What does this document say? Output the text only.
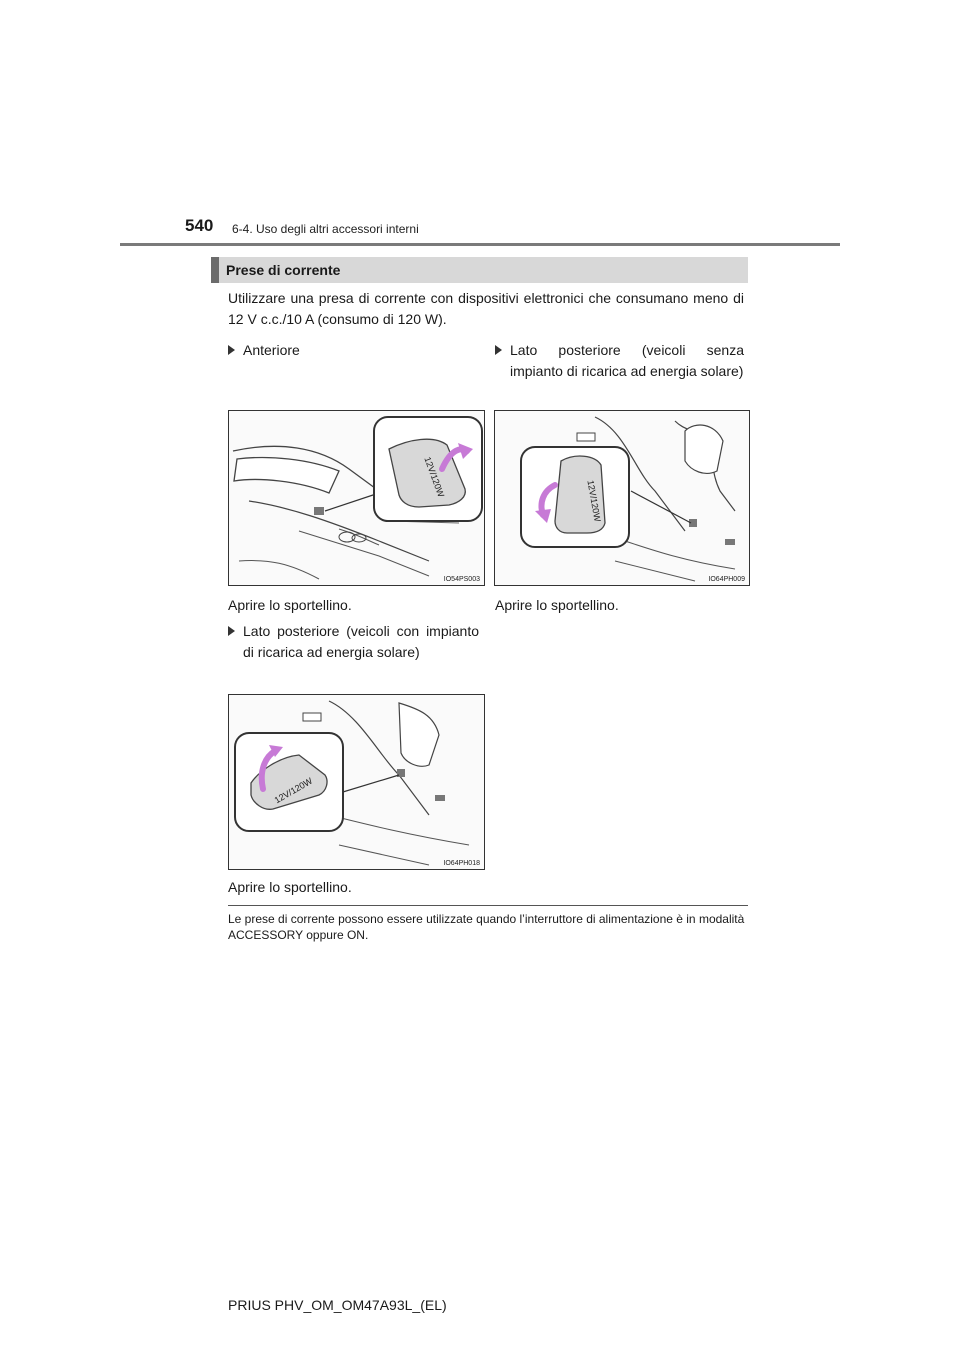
540 6-4. Uso degli altri accessori interni
Prese di corrente
Utilizzare una presa di corrente con dispositivi elettronici che consumano meno di 12 V c.c./10 A (consumo di 120 W).
Anteriore	Lato posteriore (veicoli senza impianto di ricarica ad energia solare)
12V/120W
IO54PS003
12V/120W
IO64PH009
Aprire lo sportellino.	Aprire lo sportellino.
Lato posteriore (veicoli con impianto di ricarica ad energia solare)
12V/120W
IO64PH018
Aprire lo sportellino.
Le prese di corrente possono essere utilizzate quando l’interruttore di alimentazione è in modalità ACCESSORY oppure ON.
PRIUS PHV_OM_OM47A93L_(EL)
